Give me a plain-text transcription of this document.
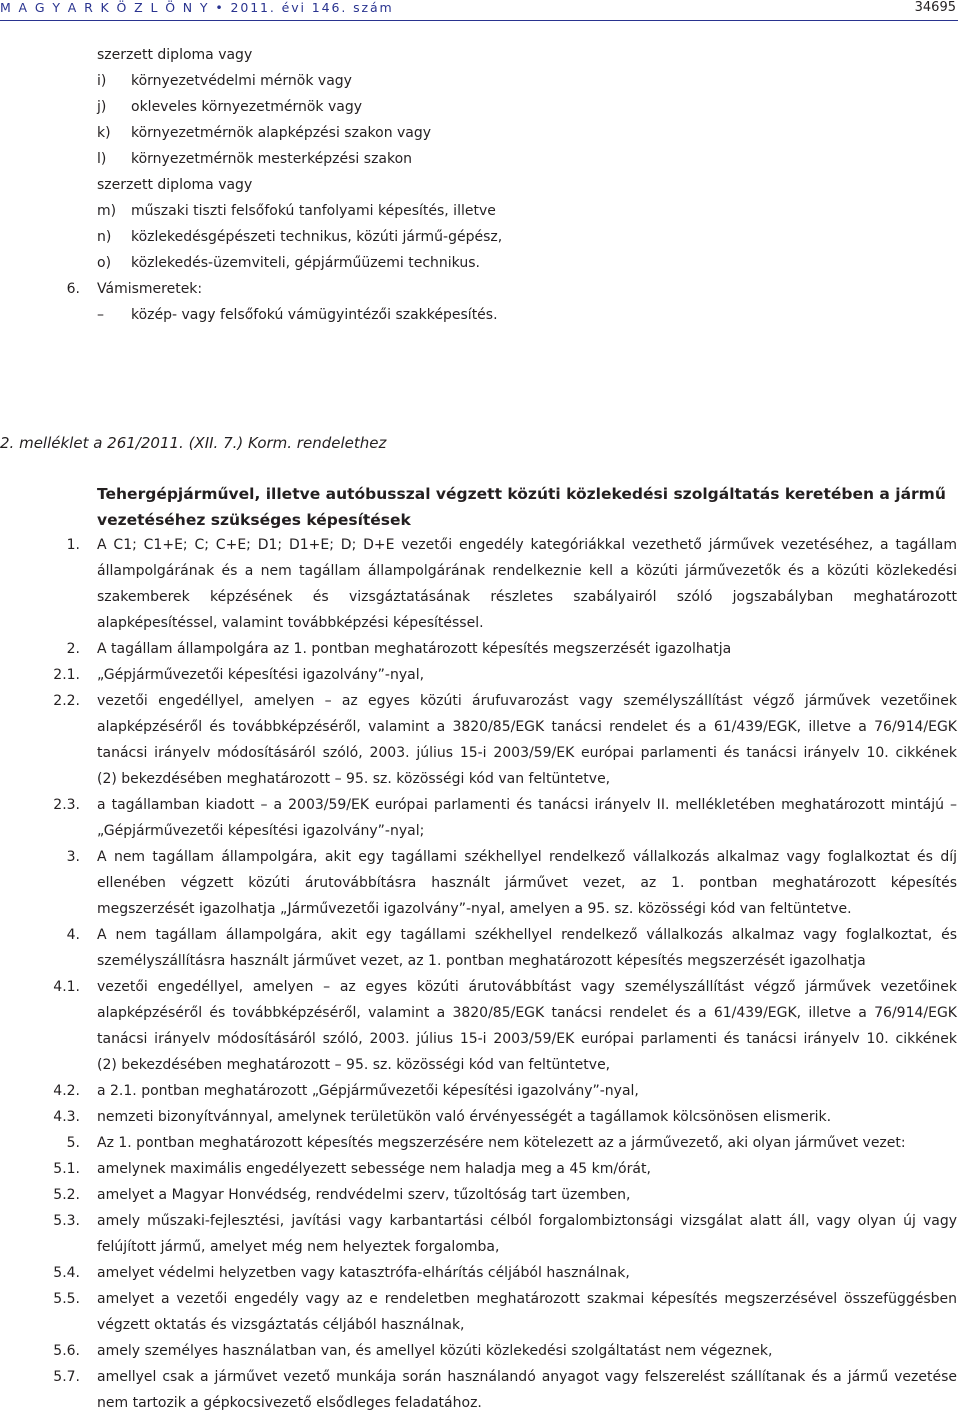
M A G Y A R K Ö Z L Ö N Y • 2011. évi 146. szám	34695
szerzett diploma vagy
i) környezetvédelmi mérnök vagy
j) okleveles környezetmérnök vagy
k) környezetmérnök alapképzési szakon vagy
l) környezetmérnök mesterképzési szakon
szerzett diploma vagy
m) műszaki tiszti felsőfokú tanfolyami képesítés, illetve
n) közlekedésgépészeti technikus, közúti jármű-gépész,
o) közlekedés-üzemviteli, gépjárműüzemi technikus.
6. Vámismeretek:
– közép- vagy felsőfokú vámügyintézői szakképesítés.
2. melléklet a 261/2011. (XII. 7.) Korm. rendelethez
Tehergépjárművel, illetve autóbusszal végzett közúti közlekedési szolgáltatás keretében a jármű
vezetéséhez szükséges képesítések
1. A C1; C1+E; C; C+E; D1; D1+E; D; D+E vezetői engedély kategóriákkal vezethető járművek vezetéséhez, a tagállam
állampolgárának és a nem tagállam állampolgárának rendelkeznie kell a közúti járművezetők és a közúti közlekedési
szakemberek képzésének és vizsgáztatásának részletes szabályairól szóló jogszabályban meghatározott
alapképesítéssel, valamint továbbképzési képesítéssel.
2. A tagállam állampolgára az 1. pontban meghatározott képesítés megszerzését igazolhatja
2.1. „Gépjárművezetői képesítési igazolvány”-nyal,
2.2. vezetői engedéllyel, amelyen – az egyes közúti árufuvarozást vagy személyszállítást végző járművek vezetőinek
alapképzéséről és továbbképzéséről, valamint a 3820/85/EGK tanácsi rendelet és a 61/439/EGK, illetve a 76/914/EGK
tanácsi irányelv módosításáról szóló, 2003. július 15-i 2003/59/EK európai parlamenti és tanácsi irányelv 10. cikkének
(2) bekezdésében meghatározott – 95. sz. közösségi kód van feltüntetve,
2.3. a tagállamban kiadott – a 2003/59/EK európai parlamenti és tanácsi irányelv II. mellékletében meghatározott mintájú –
„Gépjárművezetői képesítési igazolvány”-nyal;
3. A nem tagállam állampolgára, akit egy tagállami székhellyel rendelkező vállalkozás alkalmaz vagy foglalkoztat és díj
ellenében végzett közúti árutovábbításra használt járművet vezet, az 1. pontban meghatározott képesítés
megszerzését igazolhatja „Járművezetői igazolvány”-nyal, amelyen a 95. sz. közösségi kód van feltüntetve.
4. A nem tagállam állampolgára, akit egy tagállami székhellyel rendelkező vállalkozás alkalmaz vagy foglalkoztat, és
személyszállításra használt járművet vezet, az 1. pontban meghatározott képesítés megszerzését igazolhatja
4.1. vezetői engedéllyel, amelyen – az egyes közúti árutovábbítást vagy személyszállítást végző járművek vezetőinek
alapképzéséről és továbbképzéséről, valamint a 3820/85/EGK tanácsi rendelet és a 61/439/EGK, illetve a 76/914/EGK
tanácsi irányelv módosításáról szóló, 2003. július 15-i 2003/59/EK európai parlamenti és tanácsi irányelv 10. cikkének
(2) bekezdésében meghatározott – 95. sz. közösségi kód van feltüntetve,
4.2. a 2.1. pontban meghatározott „Gépjárművezetői képesítési igazolvány”-nyal,
4.3. nemzeti bizonyítvánnyal, amelynek területükön való érvényességét a tagállamok kölcsönösen elismerik.
5. Az 1. pontban meghatározott képesítés megszerzésére nem kötelezett az a járművezető, aki olyan járművet vezet:
5.1. amelynek maximális engedélyezett sebessége nem haladja meg a 45 km/órát,
5.2. amelyet a Magyar Honvédség, rendvédelmi szerv, tűzoltóság tart üzemben,
5.3. amely műszaki-fejlesztési, javítási vagy karbantartási célból forgalombiztonsági vizsgálat alatt áll, vagy olyan új vagy
felújított jármű, amelyet még nem helyeztek forgalomba,
5.4. amelyet védelmi helyzetben vagy katasztrófa-elhárítás céljából használnak,
5.5. amelyet a vezetői engedély vagy az e rendeletben meghatározott szakmai képesítés megszerzésével összefüggésben
végzett oktatás és vizsgáztatás céljából használnak,
5.6. amely személyes használatban van, és amellyel közúti közlekedési szolgáltatást nem végeznek,
5.7. amellyel csak a járművet vezető munkája során használandó anyagot vagy felszerelést szállítanak és a jármű vezetése
nem tartozik a gépkocsivezető elsődleges feladatához.
